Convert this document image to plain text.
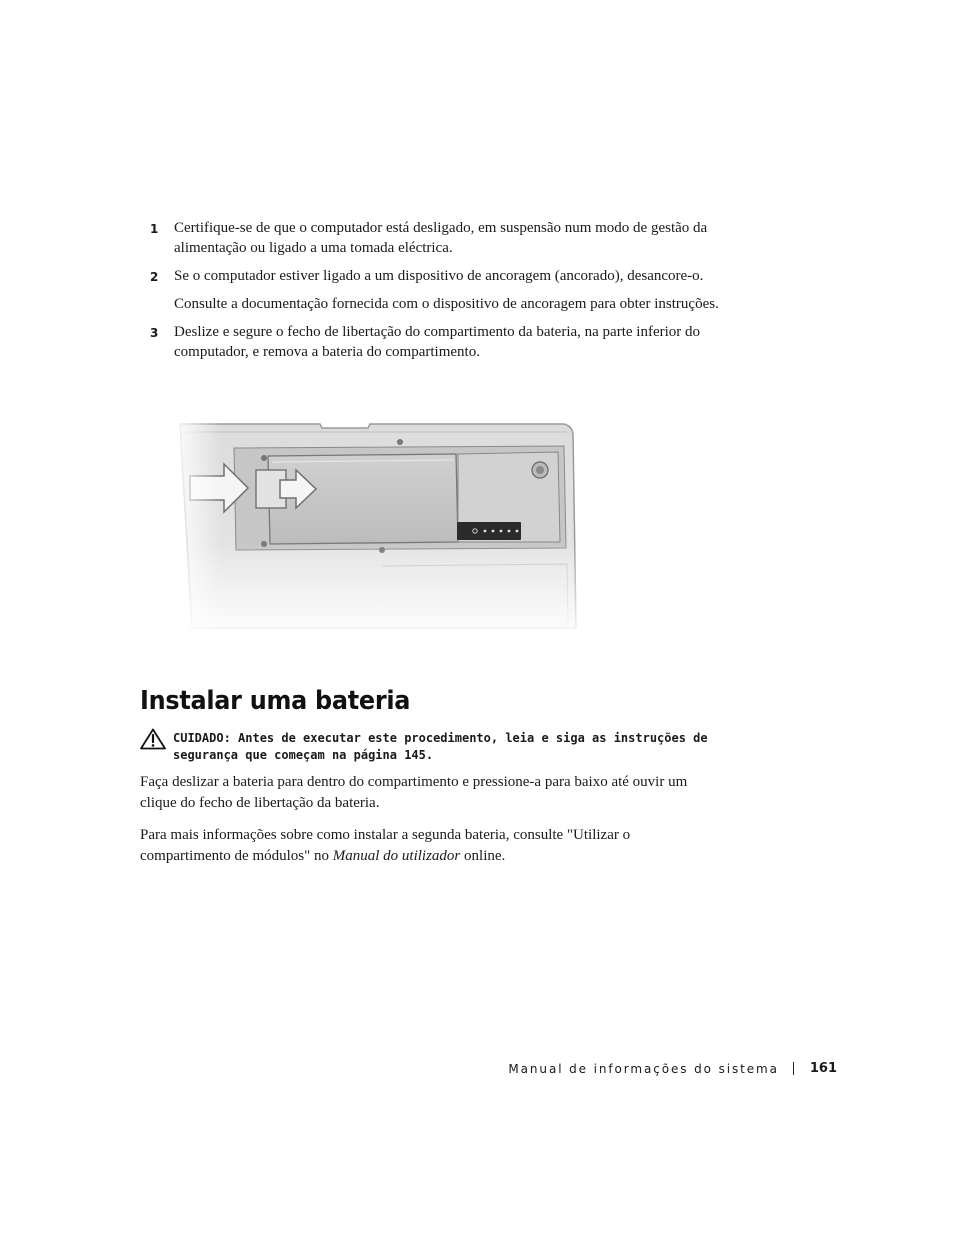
1 Certifique-se de que o computador está desligado, em suspensão num modo de gestão da alimentação ou ligado a uma tomada eléctrica.

2 Se o computador estiver ligado a um dispositivo de ancoragem (ancorado), desancore-o.

Consulte a documentação fornecida com o dispositivo de ancoragem para obter instruções.

3 Deslize e segure o fecho de libertação do compartimento da bateria, na parte inferior do computador, e remova a bateria do compartimento.

Instalar uma bateria
CUIDADO: Antes de executar este procedimento, leia e siga as instruções de segurança que começam na página 145.

Faça deslizar a bateria para dentro do compartimento e pressione-a para baixo até ouvir um clique do fecho de libertação da bateria.

Para mais informações sobre como instalar a segunda bateria, consulte "Utilizar o compartimento de módulos" no Manual do utilizador online.

Manual de informações do sistema 161
